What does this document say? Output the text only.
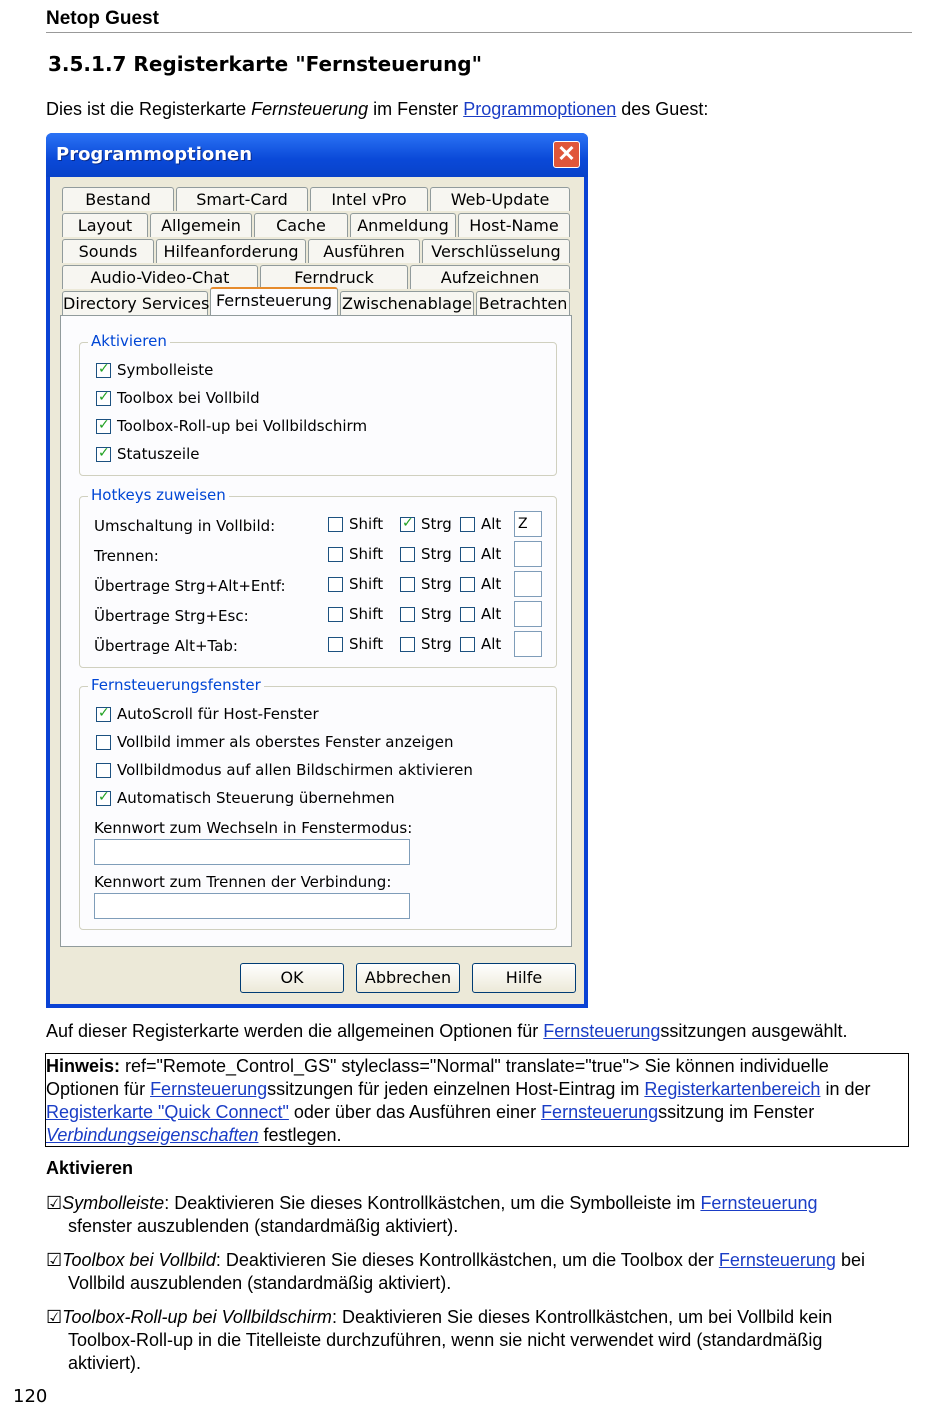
Netop Guest
3.5.1.7 Registerkarte "Fernsteuerung"
Dies ist die Registerkarte Fernsteuerung im Fenster Programmoptionen des Guest:
Programmoptionen	✕
Bestand	Smart-Card	Intel vPro	Web-Update
Layout	Allgemein	Cache	Anmeldung	Host-Name
Sounds	Hilfeanforderung	Ausführen	Verschlüsselung
Audio-Video-Chat	Ferndruck	Aufzeichnen
Directory Services Fernsteuerung Zwischenablage Betrachten
Aktivieren
✓Symbolleiste
✓Toolbox bei Vollbild
✓Toolbox-Roll-up bei Vollbildschirm
✓Statuszeile
Hotkeys zuweisen
Umschaltung in Vollbild:	Shift
✓	Strg	Alt Z
Trennen:	Shift	Strg	Alt
Übertrage Strg+Alt+Entf:	Shift	Strg	Alt
Übertrage Strg+Esc:	Shift	Strg	Alt
Übertrage Alt+Tab:	Shift	Strg	Alt
Fernsteuerungsfenster
✓AutoScroll für Host-Fenster
Vollbild immer als oberstes Fenster anzeigen
Vollbildmodus auf allen Bildschirmen aktivieren
✓Automatisch Steuerung übernehmen
Kennwort zum Wechseln in Fenstermodus:
Kennwort zum Trennen der Verbindung:
OK	Abbrechen	Hilfe
Auf dieser Registerkarte werden die allgemeinen Optionen für Fernsteuerungssitzungen ausgewählt.
Hinweis: ref="Remote_Control_GS" styleclass="Normal" translate="true"> Sie können individuelle
Optionen für Fernsteuerungssitzungen für jeden einzelnen Host-Eintrag im Registerkartenbereich in der
Registerkarte "Quick Connect" oder über das Ausführen einer Fernsteuerungssitzung im Fenster
Verbindungseigenschaften festlegen.
Aktivieren
☑Symbolleiste: Deaktivieren Sie dieses Kontrollkästchen, um die Symbolleiste im Fernsteuerung
sfenster auszublenden (standardmäßig aktiviert).
☑Toolbox bei Vollbild: Deaktivieren Sie dieses Kontrollkästchen, um die Toolbox der Fernsteuerung bei
Vollbild auszublenden (standardmäßig aktiviert).
☑Toolbox-Roll-up bei Vollbildschirm: Deaktivieren Sie dieses Kontrollkästchen, um bei Vollbild kein
Toolbox-Roll-up in die Titelleiste durchzuführen, wenn sie nicht verwendet wird (standardmäßig
aktiviert).
120
